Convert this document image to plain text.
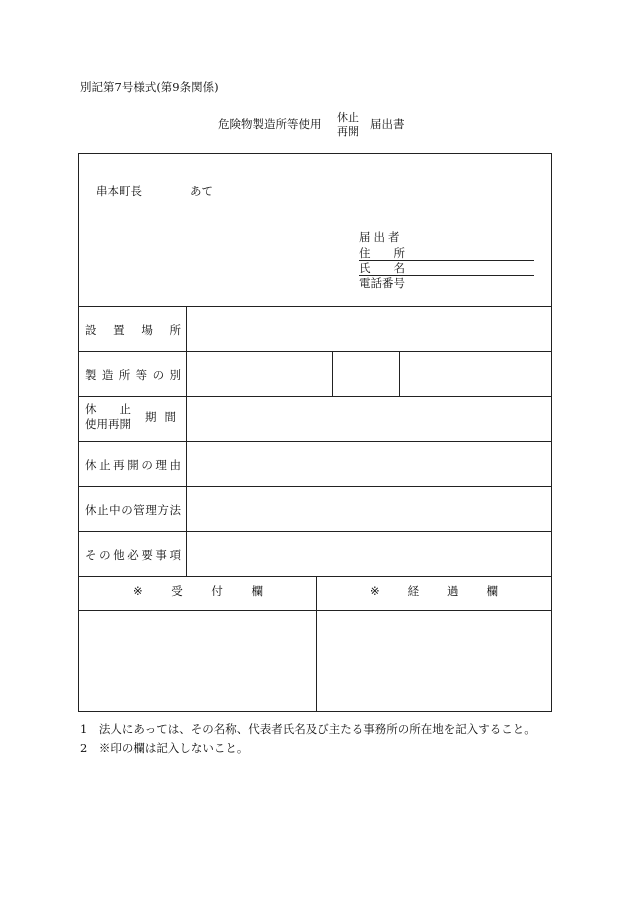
別記第7号様式(第9条関係)
危険物製造所等使用 休止
再開
届出書
串本町長	あて
届出者
住　　所
氏　　名
電話番号
設 置 場 所
製 造 所 等 の 別
休　　止
使用再開 期間
休 止 再 開 の 理 由
休 止 中 の 管 理 方 法
そ の 他 必 要 事 項
※ 受 付 欄	※ 経 過 欄
1　法人にあっては、その名称、代表者氏名及び主たる事務所の所在地を記入すること。
2　※印の欄は記入しないこと。
